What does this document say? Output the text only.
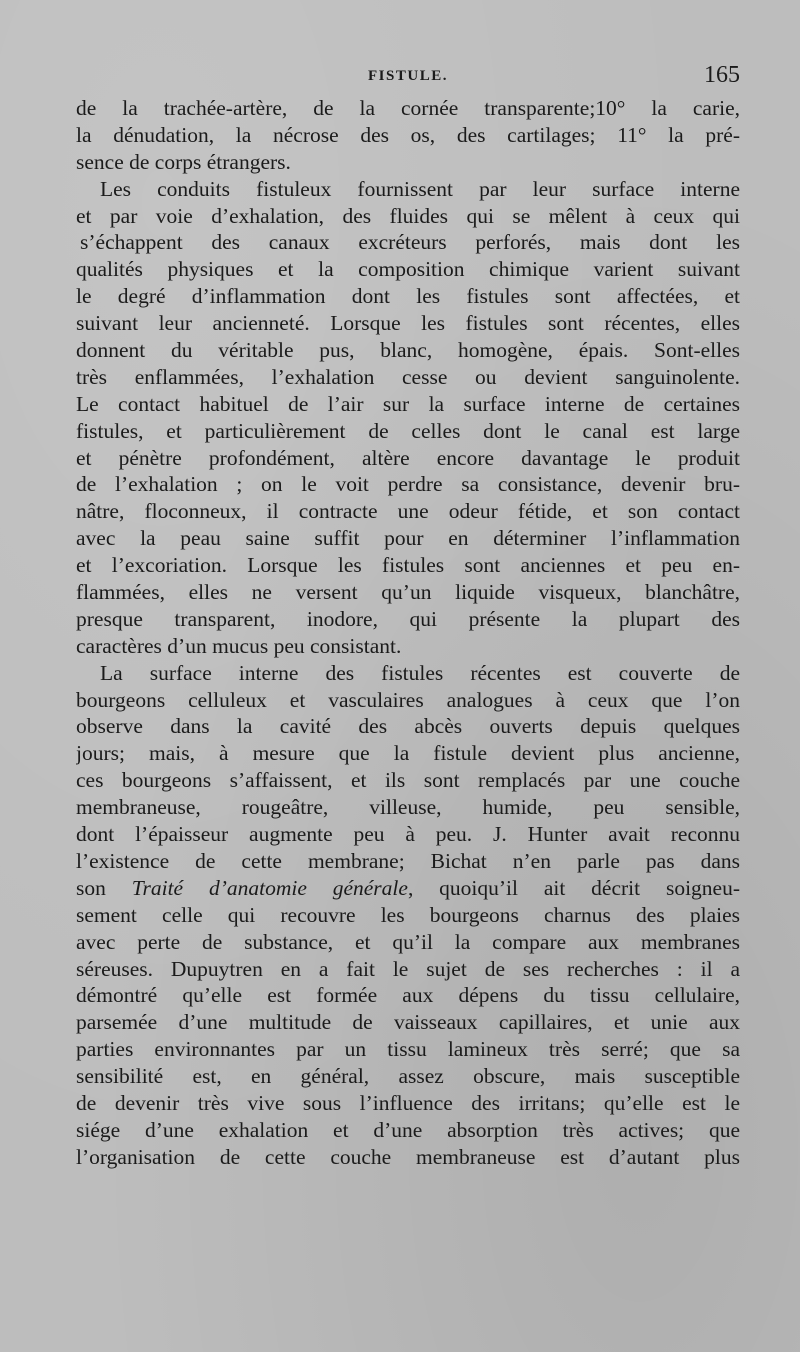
FISTULE.	165
de la trachée-artère, de la cornée transparente;10° la carie,
la dénudation, la nécrose des os, des cartilages; 11° la pré-
sence de corps étrangers.
Les conduits fistuleux fournissent par leur surface interne
et par voie d’exhalation, des fluides qui se mêlent à ceux qui
s’échappent des canaux excréteurs perforés, mais dont les
qualités physiques et la composition chimique varient suivant
le degré d’inflammation dont les fistules sont affectées, et
suivant leur ancienneté. Lorsque les fistules sont récentes, elles
donnent du véritable pus, blanc, homogène, épais. Sont-elles
très enflammées, l’exhalation cesse ou devient sanguinolente.
Le contact habituel de l’air sur la surface interne de certaines
fistules, et particulièrement de celles dont le canal est large
et pénètre profondément, altère encore davantage le produit
de l’exhalation ; on le voit perdre sa consistance, devenir bru-
nâtre, floconneux, il contracte une odeur fétide, et son contact
avec la peau saine suffit pour en déterminer l’inflammation
et l’excoriation. Lorsque les fistules sont anciennes et peu en-
flammées, elles ne versent qu’un liquide visqueux, blanchâtre,
presque transparent, inodore, qui présente la plupart des
caractères d’un mucus peu consistant.
La surface interne des fistules récentes est couverte de
bourgeons celluleux et vasculaires analogues à ceux que l’on
observe dans la cavité des abcès ouverts depuis quelques
jours; mais, à mesure que la fistule devient plus ancienne,
ces bourgeons s’affaissent, et ils sont remplacés par une couche
membraneuse, rougeâtre, villeuse, humide, peu sensible,
dont l’épaisseur augmente peu à peu. J. Hunter avait reconnu
l’existence de cette membrane; Bichat n’en parle pas dans
son Traité d’anatomie générale, quoiqu’il ait décrit soigneu-
sement celle qui recouvre les bourgeons charnus des plaies
avec perte de substance, et qu’il la compare aux membranes
séreuses. Dupuytren en a fait le sujet de ses recherches : il a
démontré qu’elle est formée aux dépens du tissu cellulaire,
parsemée d’une multitude de vaisseaux capillaires, et unie aux
parties environnantes par un tissu lamineux très serré; que sa
sensibilité est, en général, assez obscure, mais susceptible
de devenir très vive sous l’influence des irritans; qu’elle est le
siége d’une exhalation et d’une absorption très actives; que
l’organisation de cette couche membraneuse est d’autant plus
